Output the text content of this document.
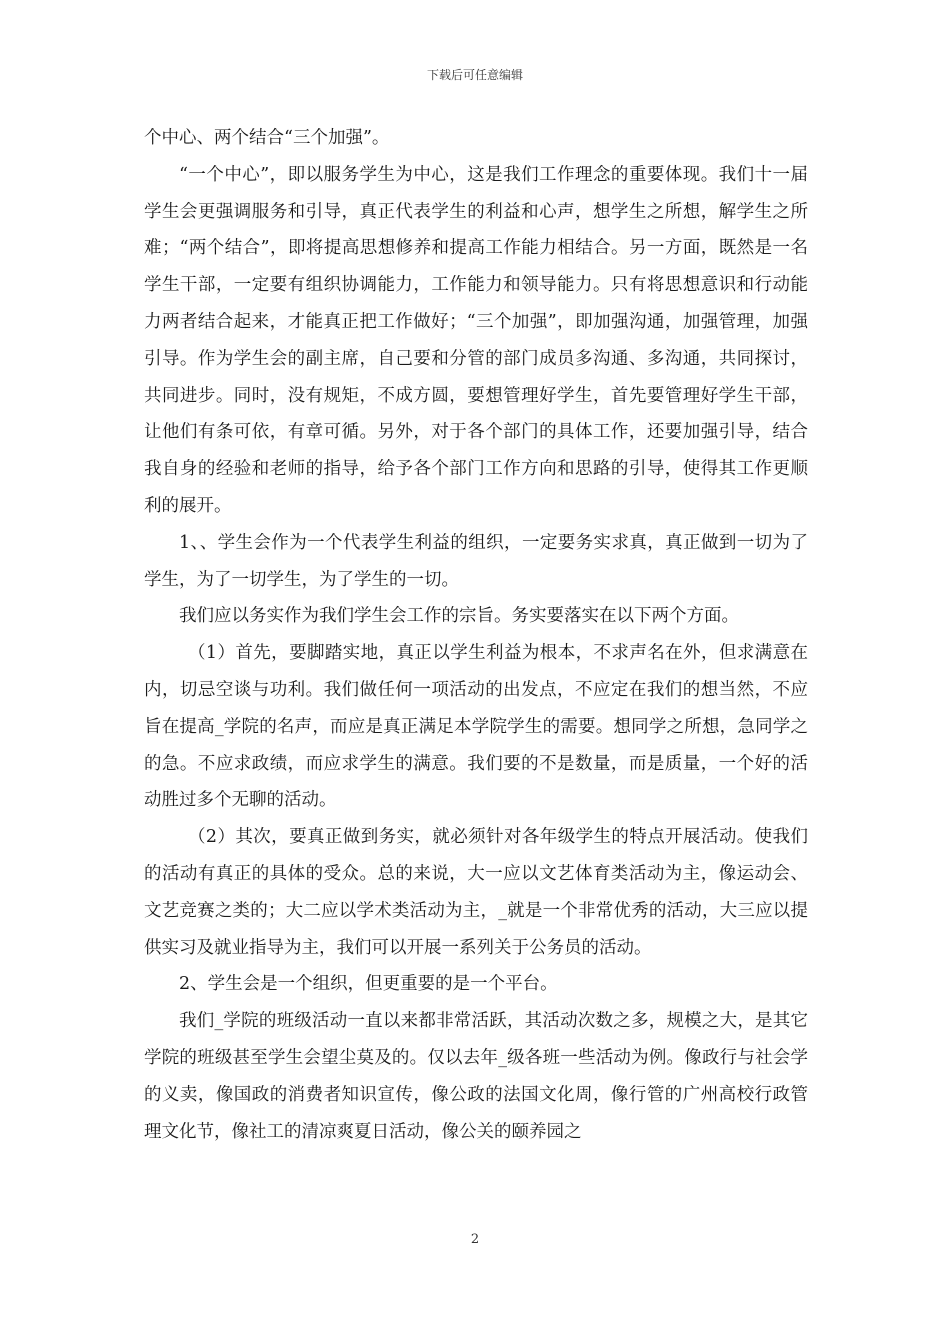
下载后可任意编辑

个中心、两个结合“三个加强”。

“一个中心”，即以服务学生为中心，这是我们工作理念的重要体现。我们十一届学生会更强调服务和引导，真正代表学生的利益和心声，想学生之所想，解学生之所难；“两个结合”，即将提高思想修养和提高工作能力相结合。另一方面，既然是一名学生干部，一定要有组织协调能力，工作能力和领导能力。只有将思想意识和行动能力两者结合起来，才能真正把工作做好；“三个加强”，即加强沟通，加强管理，加强引导。作为学生会的副主席，自己要和分管的部门成员多沟通、多沟通，共同探讨，共同进步。同时，没有规矩，不成方圆，要想管理好学生，首先要管理好学生干部，让他们有条可依，有章可循。另外，对于各个部门的具体工作，还要加强引导，结合我自身的经验和老师的指导，给予各个部门工作方向和思路的引导，使得其工作更顺利的展开。

1、、学生会作为一个代表学生利益的组织，一定要务实求真，真正做到一切为了学生，为了一切学生，为了学生的一切。

我们应以务实作为我们学生会工作的宗旨。务实要落实在以下两个方面。

（1）首先，要脚踏实地，真正以学生利益为根本，不求声名在外，但求满意在内，切忌空谈与功利。我们做任何一项活动的出发点，不应定在我们的想当然，不应旨在提高_学院的名声，而应是真正满足本学院学生的需要。想同学之所想，急同学之的急。不应求政绩，而应求学生的满意。我们要的不是数量，而是质量，一个好的活动胜过多个无聊的活动。

（2）其次，要真正做到务实，就必须针对各年级学生的特点开展活动。使我们的活动有真正的具体的受众。总的来说，大一应以文艺体育类活动为主，像运动会、文艺竞赛之类的；大二应以学术类活动为主，_就是一个非常优秀的活动，大三应以提供实习及就业指导为主，我们可以开展一系列关于公务员的活动。

2、学生会是一个组织，但更重要的是一个平台。

我们_学院的班级活动一直以来都非常活跃，其活动次数之多，规模之大，是其它学院的班级甚至学生会望尘莫及的。仅以去年_级各班一些活动为例。像政行与社会学的义卖，像国政的消费者知识宣传，像公政的法国文化周，像行管的广州高校行政管理文化节，像社工的清凉爽夏日活动，像公关的颐养园之

2
